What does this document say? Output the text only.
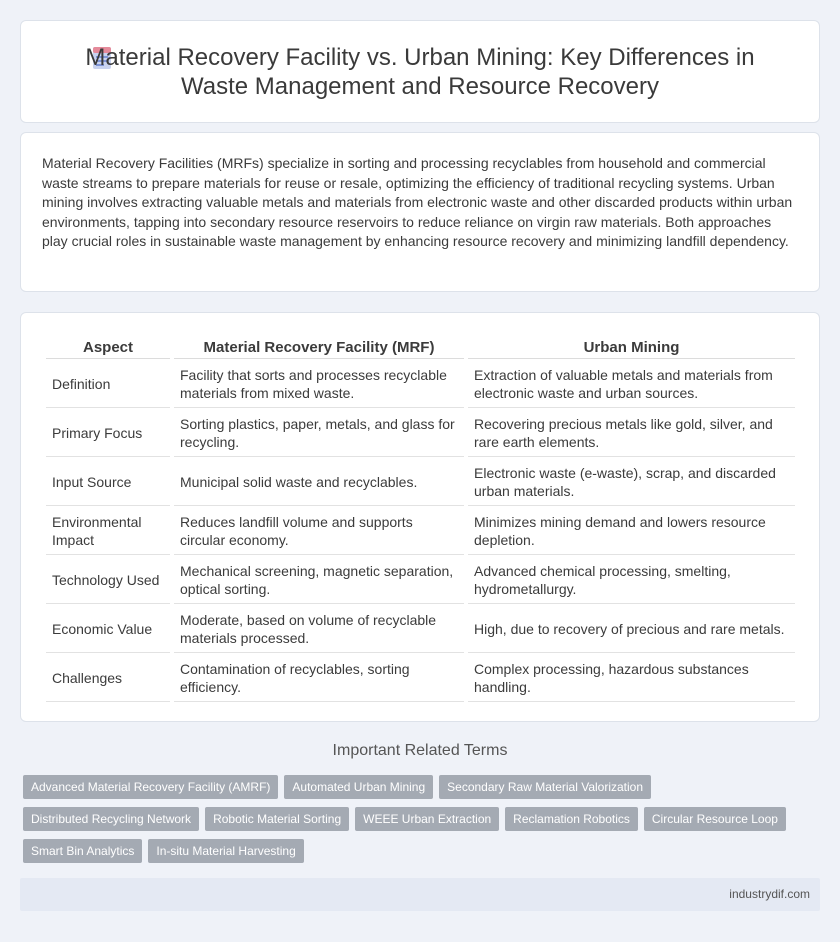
Material Recovery Facility vs. Urban Mining: Key Differences in Waste Management and Resource Recovery

Material Recovery Facilities (MRFs) specialize in sorting and processing recyclables from household and commercial waste streams to prepare materials for reuse or resale, optimizing the efficiency of traditional recycling systems. Urban mining involves extracting valuable metals and materials from electronic waste and other discarded products within urban environments, tapping into secondary resource reservoirs to reduce reliance on virgin raw materials. Both approaches play crucial roles in sustainable waste management by enhancing resource recovery and minimizing landfill dependency.

Aspect	Material Recovery Facility (MRF)	Urban Mining
Definition	Facility that sorts and processes recyclable materials from mixed waste.	Extraction of valuable metals and materials from electronic waste and urban sources.
Primary Focus	Sorting plastics, paper, metals, and glass for recycling.	Recovering precious metals like gold, silver, and rare earth elements.
Input Source	Municipal solid waste and recyclables.	Electronic waste (e-waste), scrap, and discarded urban materials.
Environmental Impact	Reduces landfill volume and supports circular economy.	Minimizes mining demand and lowers resource depletion.
Technology Used	Mechanical screening, magnetic separation, optical sorting.	Advanced chemical processing, smelting, hydrometallurgy.
Economic Value	Moderate, based on volume of recyclable materials processed.	High, due to recovery of precious and rare metals.
Challenges	Contamination of recyclables, sorting efficiency.	Complex processing, hazardous substances handling.
Important Related Terms
Advanced Material Recovery Facility (AMRF)	Automated Urban Mining	Secondary Raw Material Valorization
Distributed Recycling Network	Robotic Material Sorting	WEEE Urban Extraction	Reclamation Robotics	Circular Resource Loop
Smart Bin Analytics	In-situ Material Harvesting
industrydif.com
